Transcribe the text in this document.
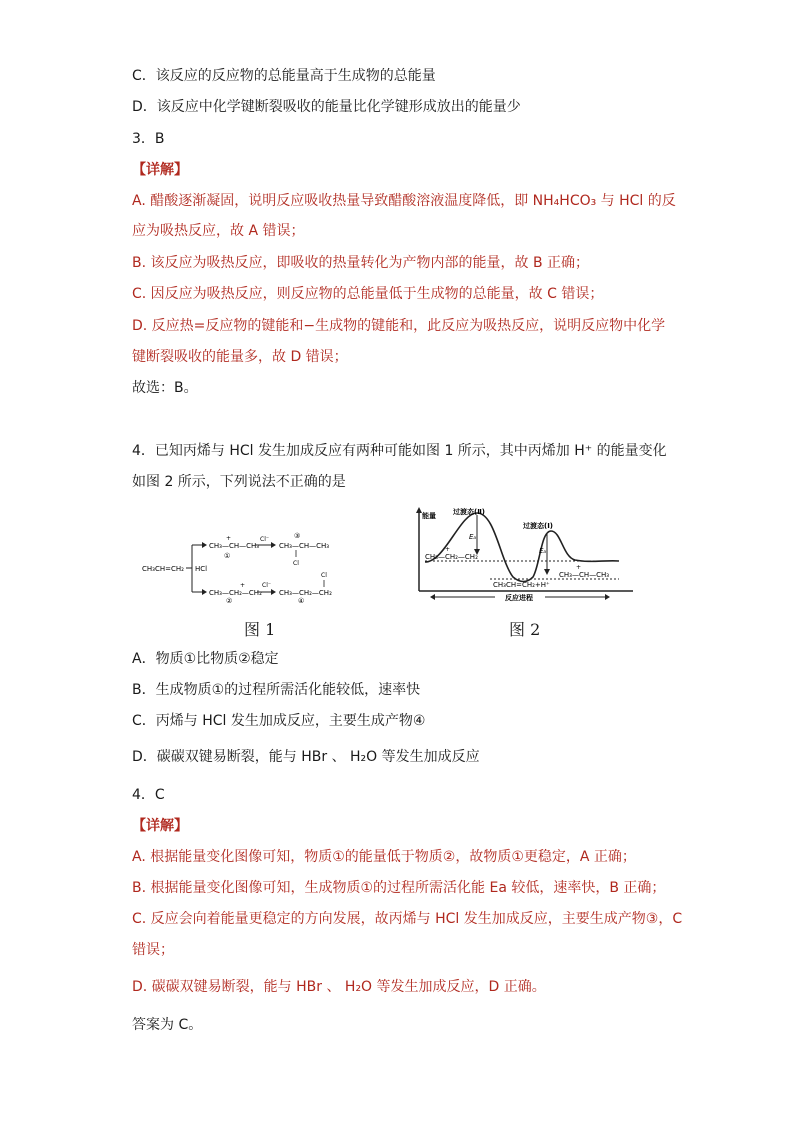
C．该反应的反应物的总能量高于生成物的总能量
D．该反应中化学键断裂吸收的能量比化学键形成放出的能量少
3．B
【详解】
A. 醋酸逐渐凝固，说明反应吸收热量导致醋酸溶液温度降低，即 NH₄HCO₃ 与 HCl 的反
应为吸热反应，故 A 错误；
B. 该反应为吸热反应，即吸收的热量转化为产物内部的能量，故 B 正确；
C. 因反应为吸热反应，则反应物的总能量低于生成物的总能量，故 C 错误；
D. 反应热=反应物的键能和−生成物的键能和，此反应为吸热反应，说明反应物中化学
键断裂吸收的能量多，故 D 错误；
故选：B。
4．已知丙烯与 HCl 发生加成反应有两种可能如图 1 所示，其中丙烯加 H⁺ 的能量变化
如图 2 所示，下列说法不正确的是
CH₃CH=CH₂ HCl
CH₃—CH—CH₃
+
①
Cl⁻
CH₃—CH—CH₃
③
Cl
CH₃—CH₂—CH₂
+
②
Cl⁻
CH₃—CH₂—CH₂
④
Cl
图 1
能量 过渡态(Ⅱ)
过渡态(Ⅰ)
Eₐ
Eₐ
CH₃—CH₂—CH₂
+
CH₃CH=CH₂+H⁺
CH₃—CH—CH₃
+
反应进程
图 2
A．物质①比物质②稳定
B．生成物质①的过程所需活化能较低，速率快
C．丙烯与 HCl 发生加成反应，主要生成产物④
D．碳碳双键易断裂，能与 HBr 、 H₂O 等发生加成反应
4．C
【详解】
A. 根据能量变化图像可知，物质①的能量低于物质②，故物质①更稳定，A 正确；
B. 根据能量变化图像可知，生成物质①的过程所需活化能 Ea 较低，速率快，B 正确；
C. 反应会向着能量更稳定的方向发展，故丙烯与 HCl 发生加成反应，主要生成产物③，C
错误；
D. 碳碳双键易断裂，能与 HBr 、 H₂O 等发生加成反应，D 正确。
答案为 C。
